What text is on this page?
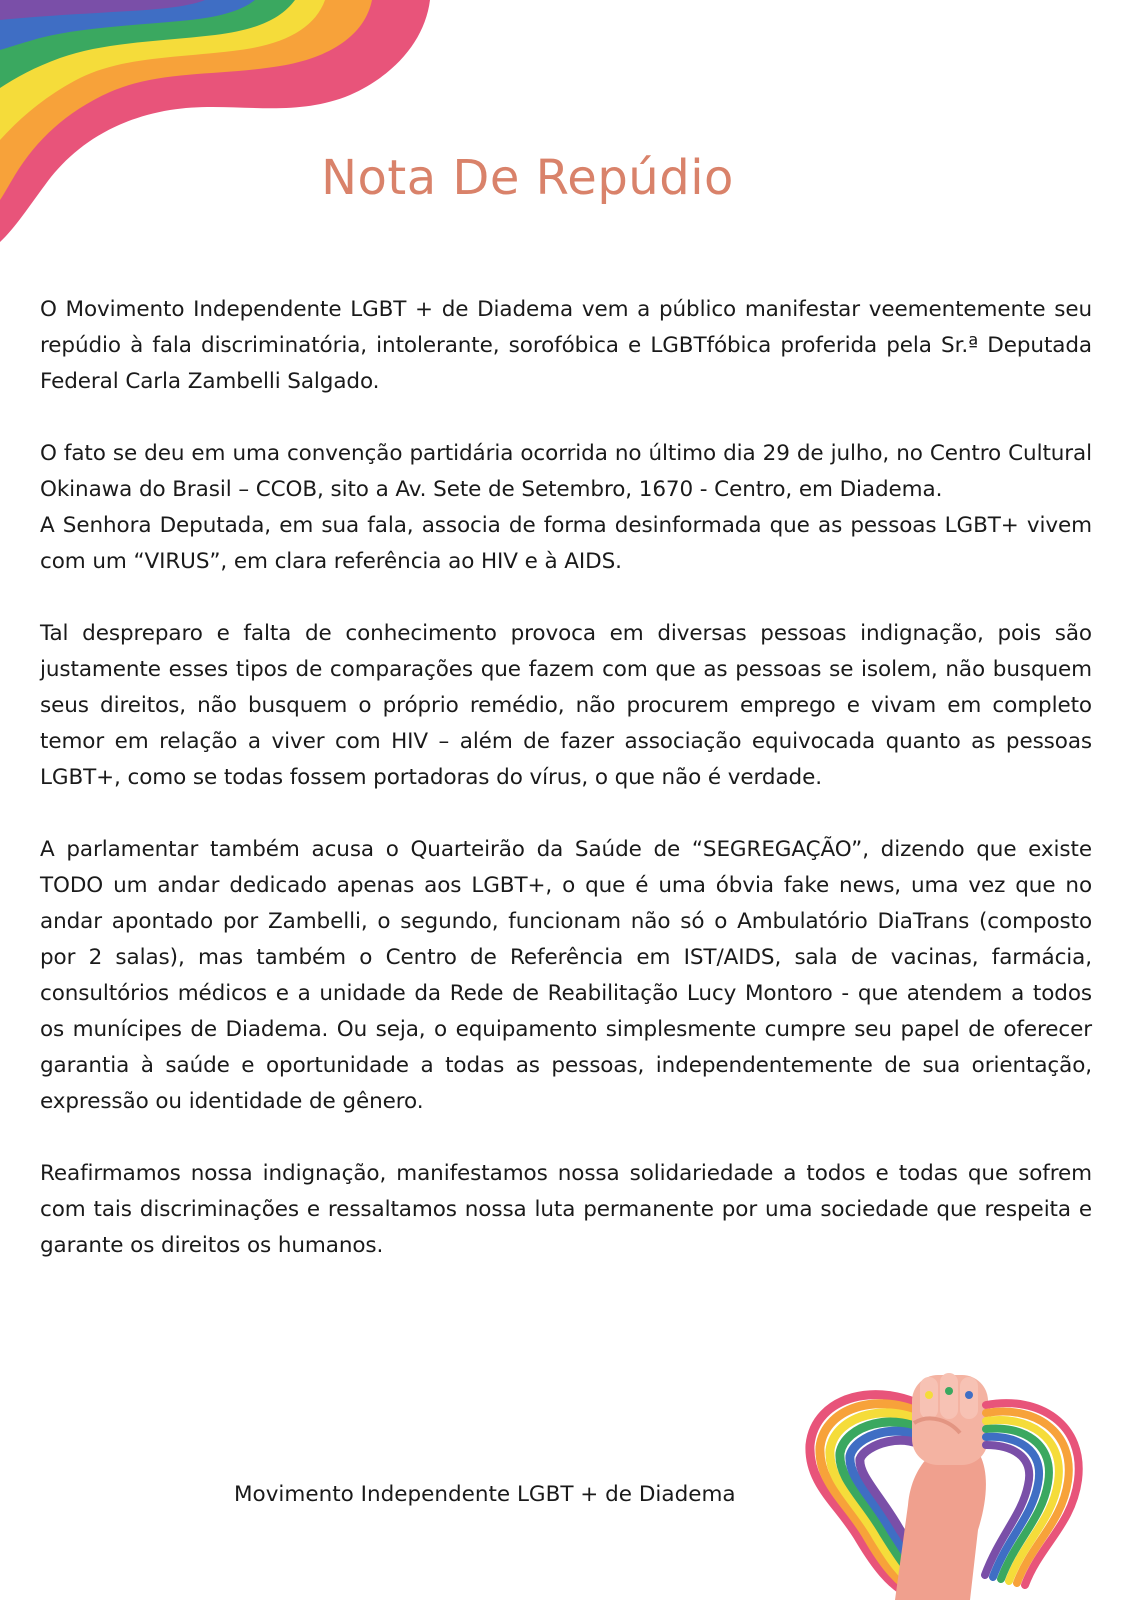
Nota De Repúdio

O Movimento Independente LGBT + de Diadema vem a público manifestar veementemente seu repúdio à fala discriminatória, intolerante, sorofóbica e LGBTfóbica proferida pela Sr.ª Deputada Federal Carla Zambelli Salgado.

O fato se deu em uma convenção partidária ocorrida no último dia 29 de julho, no Centro Cultural Okinawa do Brasil – CCOB, sito a Av. Sete de Setembro, 1670 - Centro, em Diadema.

A Senhora Deputada, em sua fala, associa de forma desinformada que as pessoas LGBT+ vivem com um “VIRUS”, em clara referência ao HIV e à AIDS.

Tal despreparo e falta de conhecimento provoca em diversas pessoas indignação, pois são justamente esses tipos de comparações que fazem com que as pessoas se isolem, não busquem seus direitos, não busquem o próprio remédio, não procurem emprego e vivam em completo temor em relação a viver com HIV – além de fazer associação equivocada quanto as pessoas LGBT+, como se todas fossem portadoras do vírus, o que não é verdade.

A parlamentar também acusa o Quarteirão da Saúde de “SEGREGAÇÃO”, dizendo que existe TODO um andar dedicado apenas aos LGBT+, o que é uma óbvia fake news, uma vez que no andar apontado por Zambelli, o segundo, funcionam não só o Ambulatório DiaTrans (composto por 2 salas), mas também o Centro de Referência em IST/AIDS, sala de vacinas, farmácia, consultórios médicos e a unidade da Rede de Reabilitação Lucy Montoro - que atendem a todos os munícipes de Diadema. Ou seja, o equipamento simplesmente cumpre seu papel de oferecer garantia à saúde e oportunidade a todas as pessoas, independentemente de sua orientação, expressão ou identidade de gênero.

Reafirmamos nossa indignação, manifestamos nossa solidariedade a todos e todas que sofrem com tais discriminações e ressaltamos nossa luta permanente por uma sociedade que respeita e garante os direitos os humanos.

Movimento Independente LGBT + de Diadema
